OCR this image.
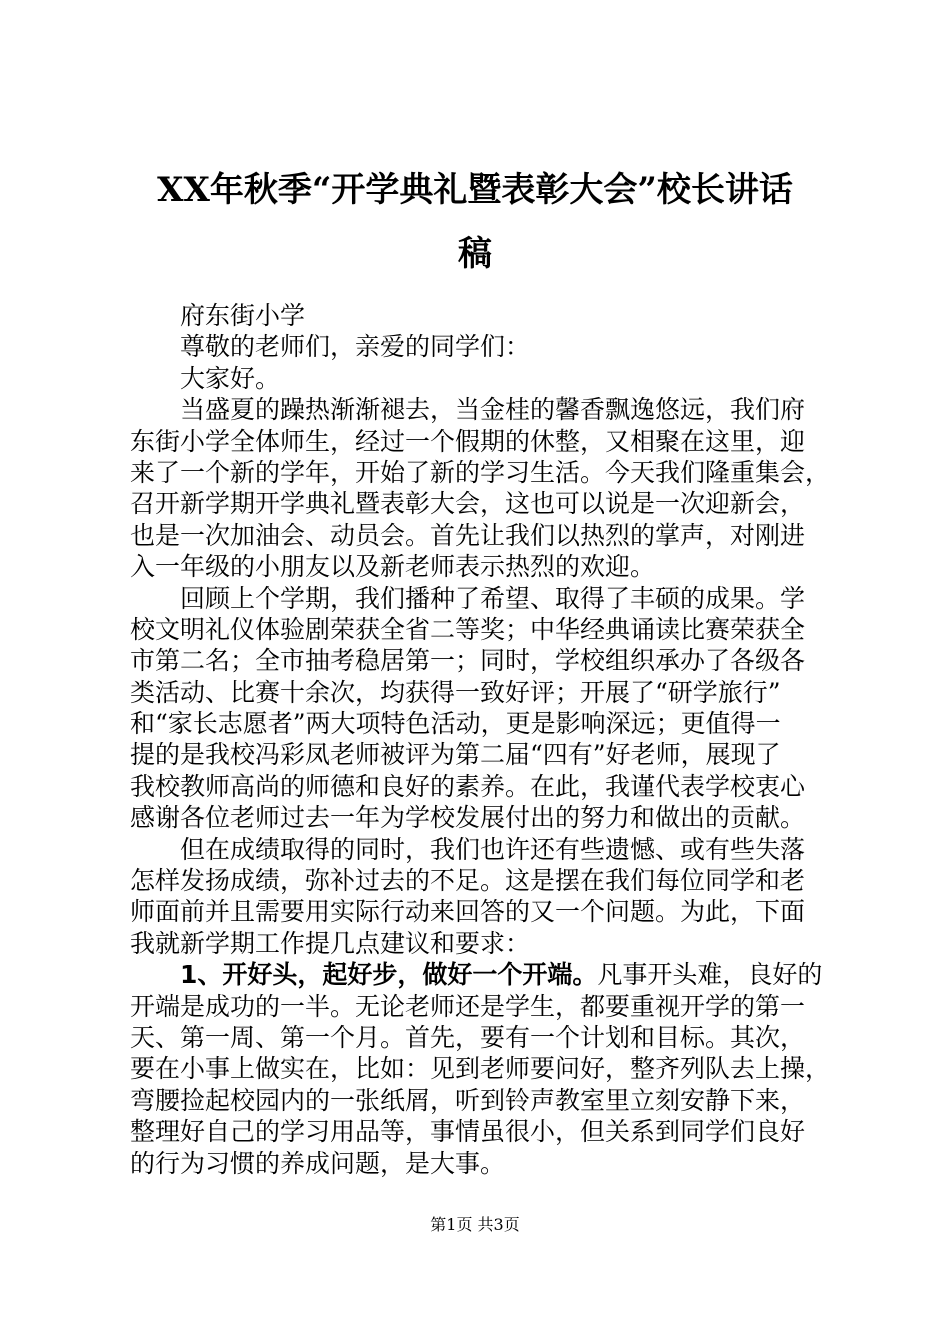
XX年秋季“开学典礼暨表彰大会”校长讲话
稿
府东街小学
尊敬的老师们，亲爱的同学们：
大家好。
当盛夏的躁热渐渐褪去，当金桂的馨香飘逸悠远，我们府
东街小学全体师生，经过一个假期的休整，又相聚在这里，迎
来了一个新的学年，开始了新的学习生活。今天我们隆重集会，
召开新学期开学典礼暨表彰大会，这也可以说是一次迎新会，
也是一次加油会、动员会。首先让我们以热烈的掌声，对刚进
入一年级的小朋友以及新老师表示热烈的欢迎。
回顾上个学期，我们播种了希望、取得了丰硕的成果。学
校文明礼仪体验剧荣获全省二等奖；中华经典诵读比赛荣获全
市第二名；全市抽考稳居第一；同时，学校组织承办了各级各
类活动、比赛十余次，均获得一致好评；开展了“研学旅行”
和“家长志愿者”两大项特色活动，更是影响深远；更值得一
提的是我校冯彩凤老师被评为第二届“四有”好老师，展现了
我校教师高尚的师德和良好的素养。在此，我谨代表学校衷心
感谢各位老师过去一年为学校发展付出的努力和做出的贡献。
但在成绩取得的同时，我们也许还有些遗憾、或有些失落
怎样发扬成绩，弥补过去的不足。这是摆在我们每位同学和老
师面前并且需要用实际行动来回答的又一个问题。为此，下面
我就新学期工作提几点建议和要求：
1、开好头，起好步，做好一个开端。凡事开头难，良好的
开端是成功的一半。无论老师还是学生，都要重视开学的第一
天、第一周、第一个月。首先，要有一个计划和目标。其次，
要在小事上做实在，比如：见到老师要问好，整齐列队去上操，
弯腰捡起校园内的一张纸屑，听到铃声教室里立刻安静下来，
整理好自己的学习用品等，事情虽很小，但关系到同学们良好
的行为习惯的养成问题，是大事。
第1页 共3页
